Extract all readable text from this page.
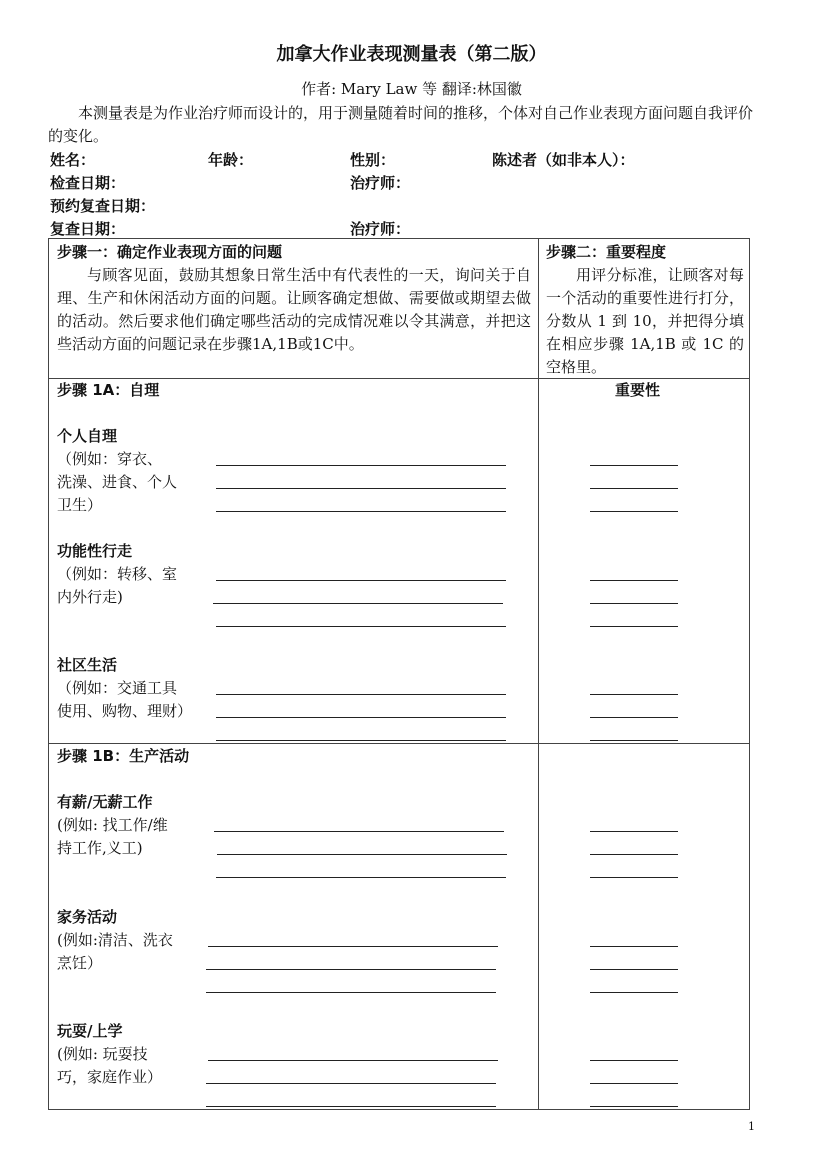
加拿大作业表现测量表（第二版）
作者: Mary Law 等 翻译:林国徽
本测量表是为作业治疗师而设计的，用于测量随着时间的推移，个体对自己作业表现方面问题自我评价的变化。
姓名：	年龄：	性别：	陈述者（如非本人）：
检查日期：	治疗师：
预约复查日期：
复查日期：	治疗师：
步骤一：确定作业表现方面的问题
与顾客见面，鼓励其想象日常生活中有代表性的一天，询问关于自理、生产和休闲活动方面的问题。让顾客确定想做、需要做或期望去做的活动。然后要求他们确定哪些活动的完成情况难以令其满意，并把这些活动方面的问题记录在步骤1A,1B或1C中。
步骤二：重要程度
用评分标准，让顾客对每一个活动的重要性进行打分，分数从 1 到 10，并把得分填在相应步骤 1A,1B 或 1C 的空格里。
步骤 1A：自理	重要性
个人自理
（例如：穿衣、
洗澡、进食、个人
卫生）
功能性行走
（例如：转移、室
内外行走)
社区生活
（例如：交通工具
使用、购物、理财）
步骤 1B：生产活动
有薪/无薪工作
(例如: 找工作/维
持工作,义工)
家务活动
(例如:清洁、洗衣
烹饪）
玩耍/上学
(例如: 玩耍技
巧，家庭作业）
1
